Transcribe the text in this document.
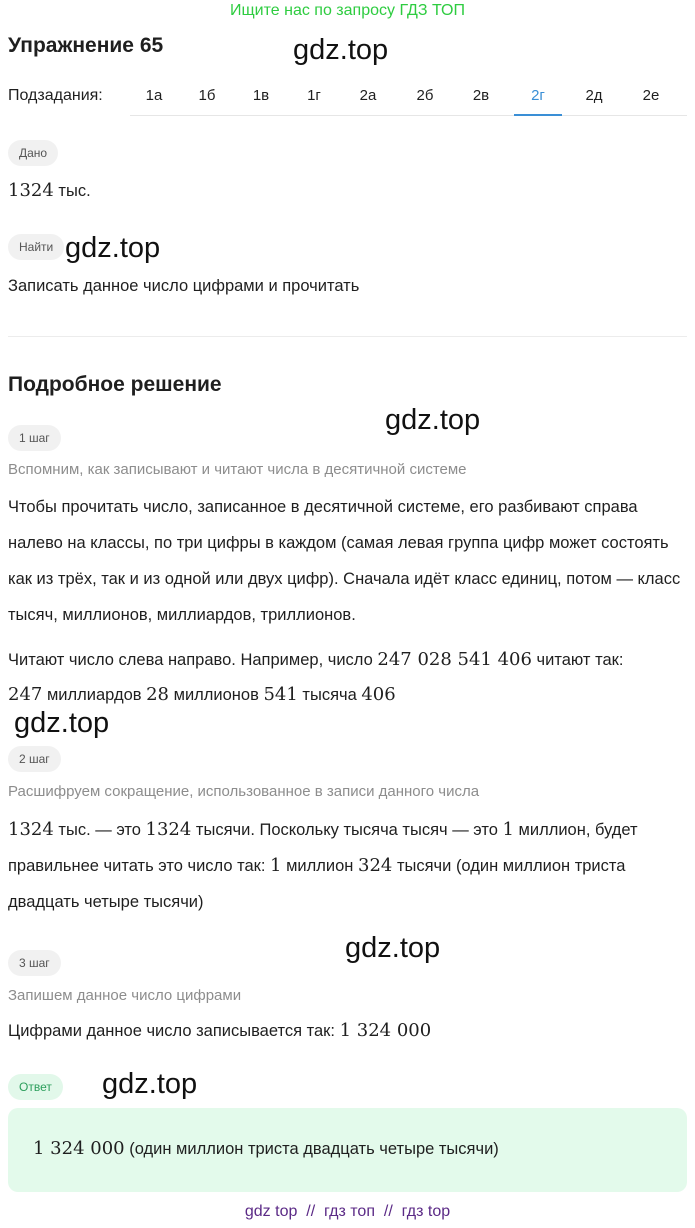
Ищите нас по запросу ГДЗ ТОП
Упражнение 65	gdz.top
Подзадания:	1а	1б	1в	1г	2а	2б	2в	2г	2д	2е
Дано
1324 тыс.
Найти gdz.top
Записать данное число цифрами и прочитать
Подробное решение
gdz.top
1 шаг
Вспомним, как записывают и читают числа в десятичной системе
Чтобы прочитать число, записанное в десятичной системе, его разбивают справа налево на классы, по три цифры в каждом (самая левая группа цифр может состоять как из трёх, так и из одной или двух цифр). Сначала идёт класс единиц, потом — класс тысяч, миллионов, миллиардов, триллионов.
Читают число слева направо. Например, число 247 028 541 406 читают так:
247 миллиардов 28 миллионов 541 тысяча 406
gdz.top
2 шаг
Расшифруем сокращение, использованное в записи данного числа
1324 тыс. — это 1324 тысячи. Поскольку тысяча тысяч — это 1 миллион, будет правильнее читать это число так: 1 миллион 324 тысячи (один миллион триста двадцать четыре тысячи)
gdz.top
3 шаг
Запишем данное число цифрами
Цифрами данное число записывается так: 1 324 000
Ответ	gdz.top
1 324 000 (один миллион триста двадцать четыре тысячи)
gdz top  //  гдз топ  //  гдз top
